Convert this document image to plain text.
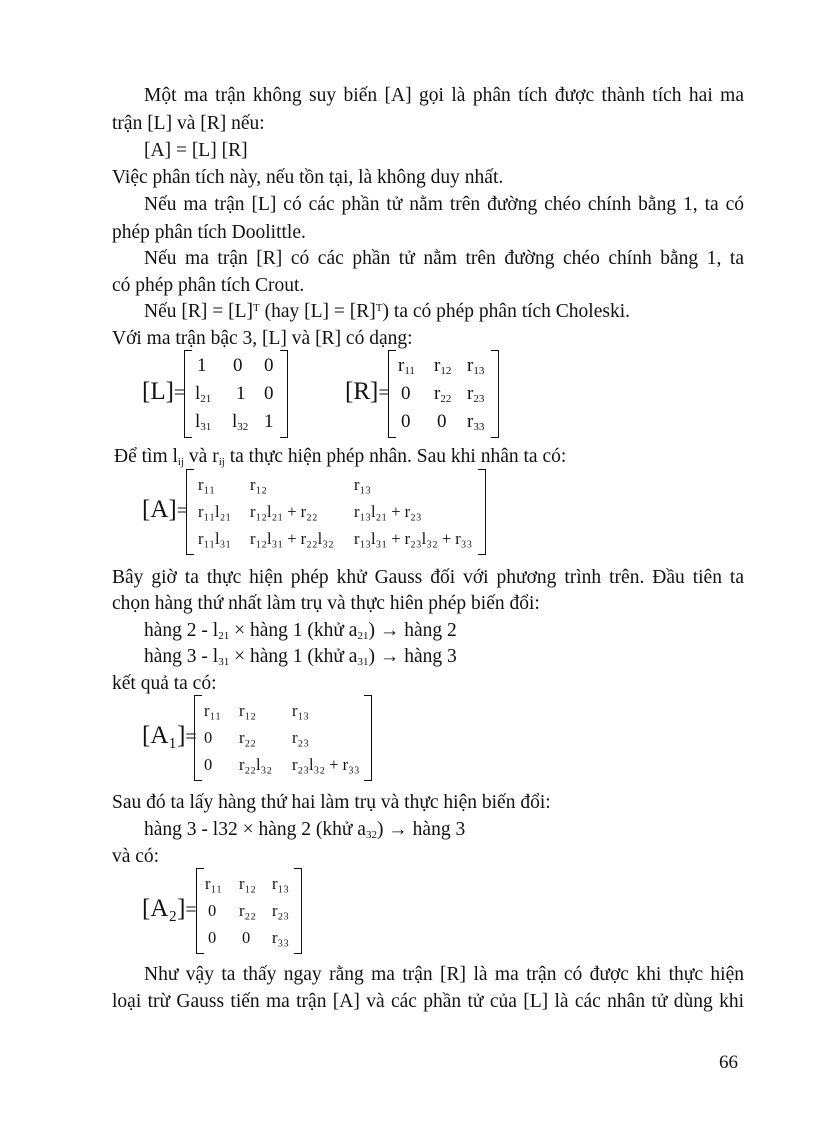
Một ma trận không suy biến [A] gọi là phân tích được thành tích hai ma
trận [L] và [R] nếu:
[A] = [L] [R]
Việc phân tích này, nếu tồn tại, là không duy nhất.
Nếu ma trận [L] có các phần tử nằm trên đường chéo chính bằng 1, ta có
phép phân tích Doolittle.
Nếu ma trận [R] có các phần tử nằm trên đường chéo chính bằng 1, ta
có phép phân tích Crout.
Nếu $[R] = [L]^T$ (hay $[L] = [R]^T$) ta có phép phân tích Choleski.
Với ma trận bậc 3, [L] và [R] có dạng:
[L]=
1 0 0
$l_{21}$ 1 0
$l_{31}$ $l_{32}$ 1
[R]=
$r_{11}$ $r_{12}$ $r_{13}$
0 $r_{22}$ $r_{23}$
0 0 $r_{33}$
Để tìm $l_{ij}$ và $r_{ij}$ ta thực hiện phép nhân. Sau khi nhân ta có:
[A]=
r₁₁ r₁₂	r₁₃
r₁₁l₂₁ r₁₂l₂₁ + r₂₂ r₁₃l₂₁ + r₂₃
r₁₁l₃₁ r₁₂l₃₁ + r₂₂l₃₂ r₁₃l₃₁ + r₂₃l₃₂ + r₃₃
Bây giờ ta thực hiện phép khử Gauss đối với phương trình trên. Đầu tiên ta
chọn hàng thứ nhất làm trụ và thực hiên phép biến đổi:
hàng $2 - l_{21}$ × hàng 1 (khử $a_{21}$) → hàng 2
hàng $3 - l_{31}$ × hàng 1 (khử $a_{31}$) → hàng 3
kết quả ta có:
[A₁]=
r₁₁ r₁₂ r₁₃
0 r₂₂ r₂₃
0 r₂₂l₃₂ r₂₃l₃₂ + r₃₃
Sau đó ta lấy hàng thứ hai làm trụ và thực hiện biến đổi:
hàng 3 - l32 × hàng 2 (khử $a_{32}$) → hàng 3
và có:
[A₂]=
r₁₁ r₁₂ r₁₃
0 r₂₂ r₂₃
0 0 r₃₃
Như vậy ta thấy ngay rằng ma trận [R] là ma trận có được khi thực hiện
loại trừ Gauss tiến ma trận [A] và các phần tử của [L] là các nhân tử dùng khi
66
